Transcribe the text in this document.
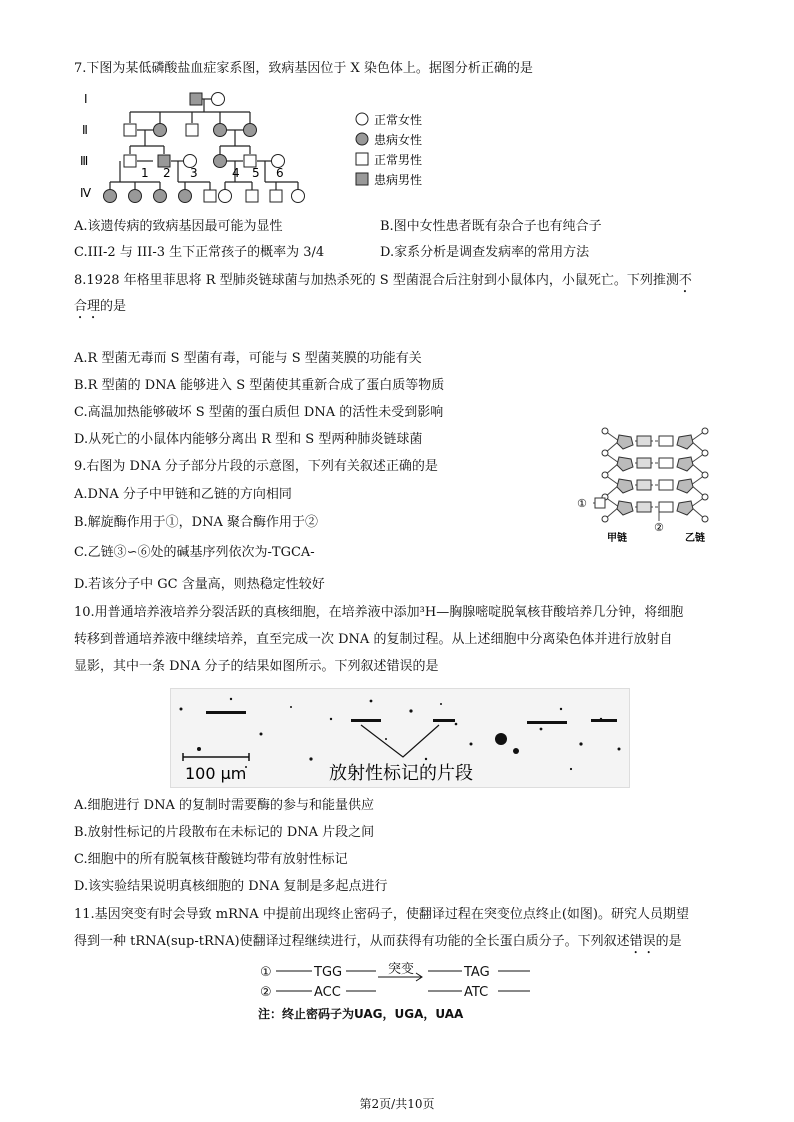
7.下图为某低磷酸盐血症家系图，致病基因位于 X 染色体上。据图分析正确的是
Ⅰ
Ⅱ
Ⅲ
Ⅳ
1 2 3	4 5 6
正常女性
患病女性
正常男性
患病男性
A.该遗传病的致病基因最可能为显性	B.图中女性患者既有杂合子也有纯合子
C.III-2 与 III-3 生下正常孩子的概率为 3/4	D.家系分析是调查发病率的常用方法
8.1928 年格里菲思将 R 型肺炎链球菌与加热杀死的 S 型菌混合后注射到小鼠体内，小鼠死亡。下列推测不
合理的是
A.R 型菌无毒而 S 型菌有毒，可能与 S 型菌荚膜的功能有关
B.R 型菌的 DNA 能够进入 S 型菌使其重新合成了蛋白质等物质
C.高温加热能够破坏 S 型菌的蛋白质但 DNA 的活性未受到影响
D.从死亡的小鼠体内能够分离出 R 型和 S 型两种肺炎链球菌
9.右图为 DNA 分子部分片段的示意图，下列有关叙述正确的是
A.DNA 分子中甲链和乙链的方向相同
B.解旋酶作用于①，DNA 聚合酶作用于②
C.乙链③∽⑥处的碱基序列依次为-TGCA-
D.若该分子中 GC 含量高，则热稳定性较好
①
②
甲链	乙链
10.用普通培养液培养分裂活跃的真核细胞，在培养液中添加³H—胸腺嘧啶脱氧核苷酸培养几分钟，将细胞
转移到普通培养液中继续培养，直至完成一次 DNA 的复制过程。从上述细胞中分离染色体并进行放射自
显影，其中一条 DNA 分子的结果如图所示。下列叙述错误的是
100 μm	放射性标记的片段
A.细胞进行 DNA 的复制时需要酶的参与和能量供应
B.放射性标记的片段散布在未标记的 DNA 片段之间
C.细胞中的所有脱氧核苷酸链均带有放射性标记
D.该实验结果说明真核细胞的 DNA 复制是多起点进行
11.基因突变有时会导致 mRNA 中提前出现终止密码子，使翻译过程在突变位点终止(如图)。研究人员期望
得到一种 tRNA(sup-tRNA)使翻译过程继续进行，从而获得有功能的全长蛋白质分子。下列叙述错误的是
①	TGG	突变	TAG
②	ACC	ATC
注：终止密码子为UAG，UGA，UAA
第2页/共10页
